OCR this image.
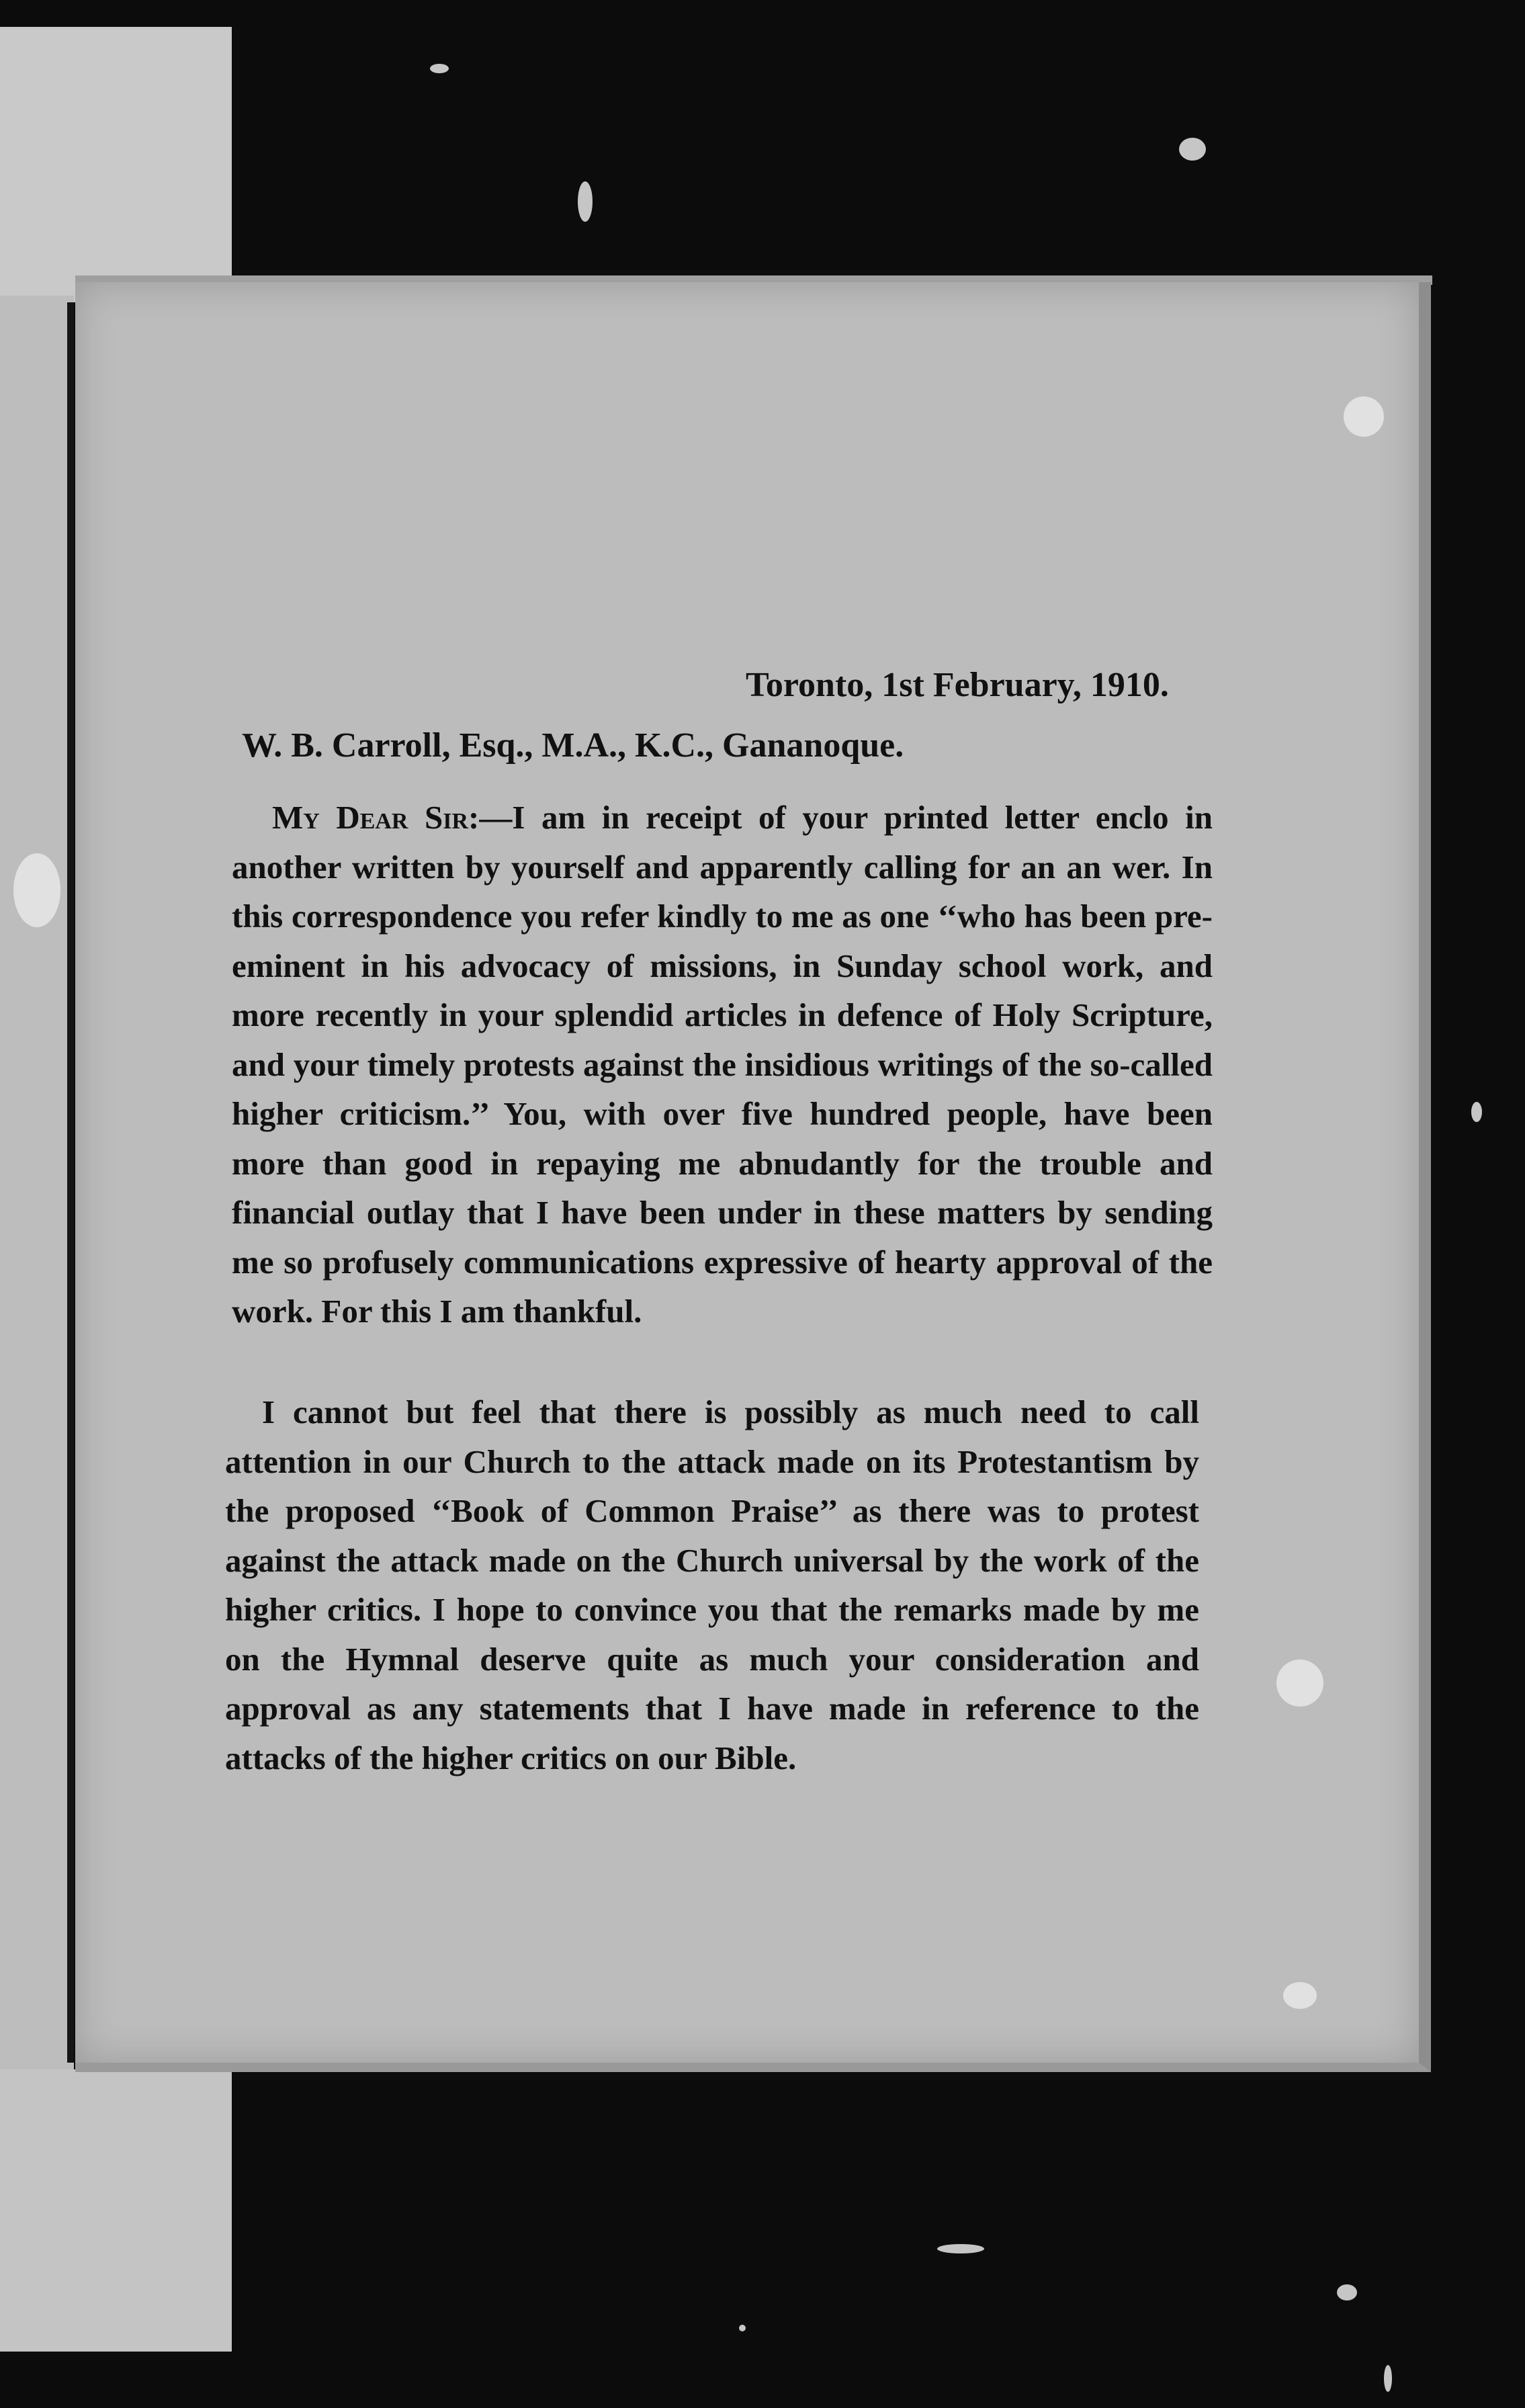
Toronto, 1st February, 1910.
W. B. Carroll, Esq., M.A., K.C., Gananoque.
My Dear Sir:—I am in receipt of your printed letter enclo in another written by yourself and apparently calling for an an wer. In this correspondence you refer kindly to me as one ‘‘who has been pre-eminent in his advocacy of missions, in Sunday school work, and more recently in your splendid articles in defence of Holy Scripture, and your timely protests against the insidious writings of the so-called higher criticism.’’ You, with over five hundred people, have been more than good in repaying me abnudantly for the trouble and financial outlay that I have been under in these matters by sending me so profusely communications expressive of hearty approval of the work. For this I am thankful.
I cannot but feel that there is possibly as much need to call attention in our Church to the attack made on its Protestantism by the proposed ‘‘Book of Common Praise’’ as there was to protest against the attack made on the Church universal by the work of the higher critics. I hope to convince you that the remarks made by me on the Hymnal deserve quite as much your consideration and approval as any statements that I have made in reference to the attacks of the higher critics on our Bible.
